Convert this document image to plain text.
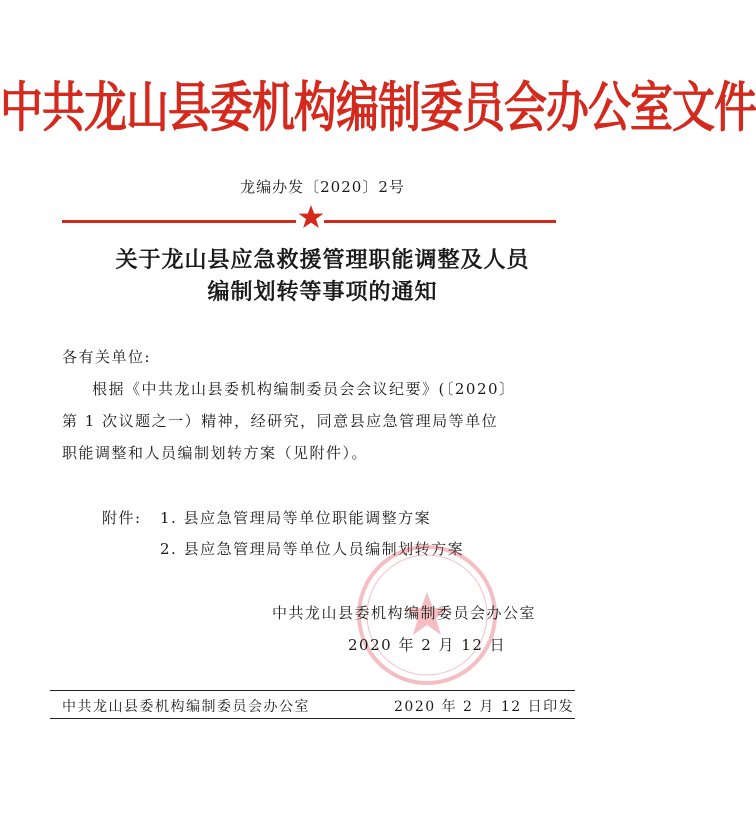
中共龙山县委机构编制委员会办公室文件
龙编办发〔2020〕2号
关于龙山县应急救援管理职能调整及人员
编制划转等事项的通知
各有关单位:
根据《中共龙山县委机构编制委员会会议纪要》(〔2020〕
第 1 次议题之一）精神，经研究，同意县应急管理局等单位
职能调整和人员编制划转方案（见附件）。
附件: 1. 县应急管理局等单位职能调整方案
2. 县应急管理局等单位人员编制划转方案
中共龙山县委机构编制委员会办公室
2020 年 2 月 12 日
中共龙山县委机构编制委员会办公室	2020 年 2 月 12 日印发
